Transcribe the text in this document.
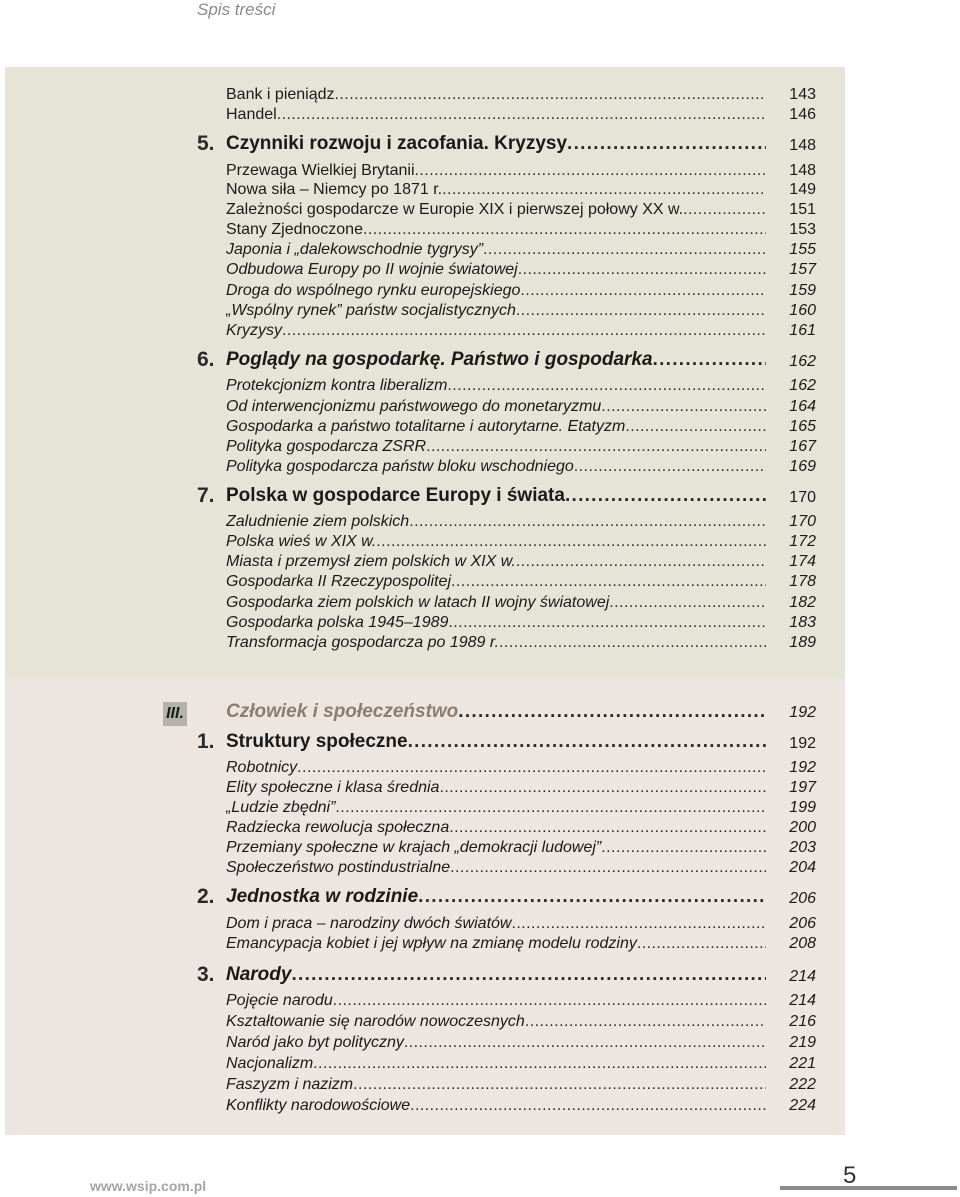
Spis treści
Bank i pieniądz . . .	143
Handel . . .	146
5. Czynniki rozwoju i zacofania. Kryzysy . . .	148
Przewaga Wielkiej Brytanii . . .	148
Nowa siła – Niemcy po 1871 r. . . .	149
Zależności gospodarcze w Europie XIX i pierwszej połowy XX w. . . .	151
Stany Zjednoczone . . .	153
Japonia i „dalekowschodnie tygrysy” . . .	155
Odbudowa Europy po II wojnie światowej . . .	157
Droga do wspólnego rynku europejskiego . . .	159
„Wspólny rynek” państw socjalistycznych . . .	160
Kryzysy . . .	161
6. Poglądy na gospodarkę. Państwo i gospodarka . . .	162
Protekcjonizm kontra liberalizm . . .	162
Od interwencjonizmu państwowego do monetaryzmu . . .	164
Gospodarka a państwo totalitarne i autorytarne. Etatyzm . . .	165
Polityka gospodarcza ZSRR . . .	167
Polityka gospodarcza państw bloku wschodniego . . .	169
7. Polska w gospodarce Europy i świata . . .	170
Zaludnienie ziem polskich . . .	170
Polska wieś w XIX w. . . .	172
Miasta i przemysł ziem polskich w XIX w. . . .	174
Gospodarka II Rzeczypospolitej . . .	178
Gospodarka ziem polskich w latach II wojny światowej . . .	182
Gospodarka polska 1945–1989 . . .	183
Transformacja gospodarcza po 1989 r. . . .	189
III. Człowiek i społeczeństwo . . .	192
1. Struktury społeczne . . .	192
Robotnicy . . .	192
Elity społeczne i klasa średnia . . .	197
„Ludzie zbędni” . . .	199
Radziecka rewolucja społeczna . . .	200
Przemiany społeczne w krajach „demokracji ludowej” . . .	203
Społeczeństwo postindustrialne . . .	204
2. Jednostka w rodzinie . . .	206
Dom i praca – narodziny dwóch światów . . .	206
Emancypacja kobiet i jej wpływ na zmianę modelu rodziny . . .	208
3. Narody . . .	214
Pojęcie narodu . . .	214
Kształtowanie się narodów nowoczesnych . . .	216
Naród jako byt polityczny . . .	219
Nacjonalizm . . .	221
Faszyzm i nazizm . . .	222
Konflikty narodowościowe . . .	224
www.wsip.com.pl	5
